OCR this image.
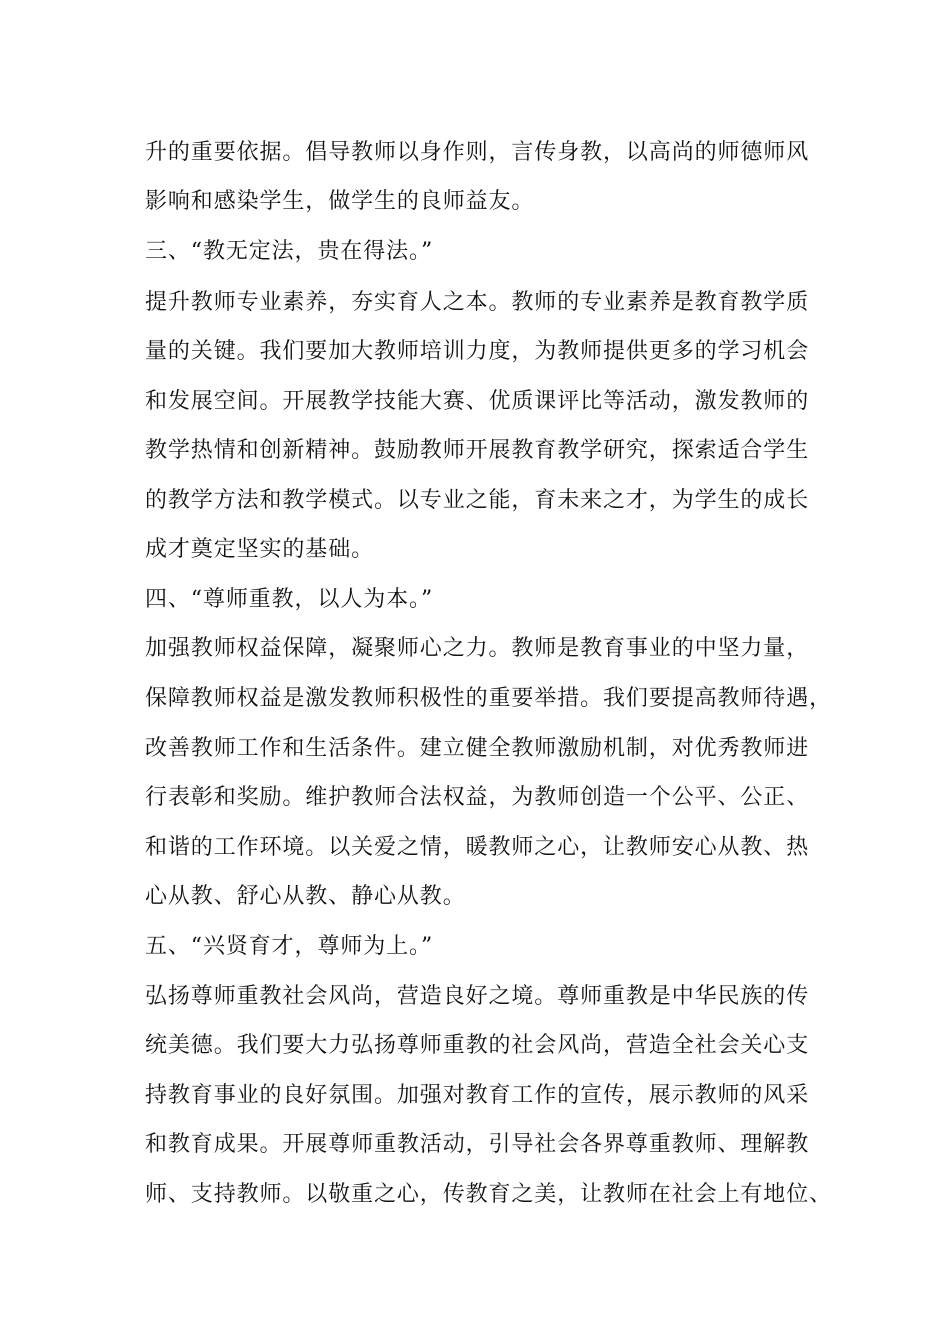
升的重要依据。倡导教师以身作则，言传身教，以高尚的师德师风
影响和感染学生，做学生的良师益友。
三、“教无定法，贵在得法。”
提升教师专业素养，夯实育人之本。教师的专业素养是教育教学质
量的关键。我们要加大教师培训力度，为教师提供更多的学习机会
和发展空间。开展教学技能大赛、优质课评比等活动，激发教师的
教学热情和创新精神。鼓励教师开展教育教学研究，探索适合学生
的教学方法和教学模式。以专业之能，育未来之才，为学生的成长
成才奠定坚实的基础。
四、“尊师重教，以人为本。”
加强教师权益保障，凝聚师心之力。教师是教育事业的中坚力量，
保障教师权益是激发教师积极性的重要举措。我们要提高教师待遇，
改善教师工作和生活条件。建立健全教师激励机制，对优秀教师进
行表彰和奖励。维护教师合法权益，为教师创造一个公平、公正、
和谐的工作环境。以关爱之情，暖教师之心，让教师安心从教、热
心从教、舒心从教、静心从教。
五、“兴贤育才，尊师为上。”
弘扬尊师重教社会风尚，营造良好之境。尊师重教是中华民族的传
统美德。我们要大力弘扬尊师重教的社会风尚，营造全社会关心支
持教育事业的良好氛围。加强对教育工作的宣传，展示教师的风采
和教育成果。开展尊师重教活动，引导社会各界尊重教师、理解教
师、支持教师。以敬重之心，传教育之美，让教师在社会上有地位、
